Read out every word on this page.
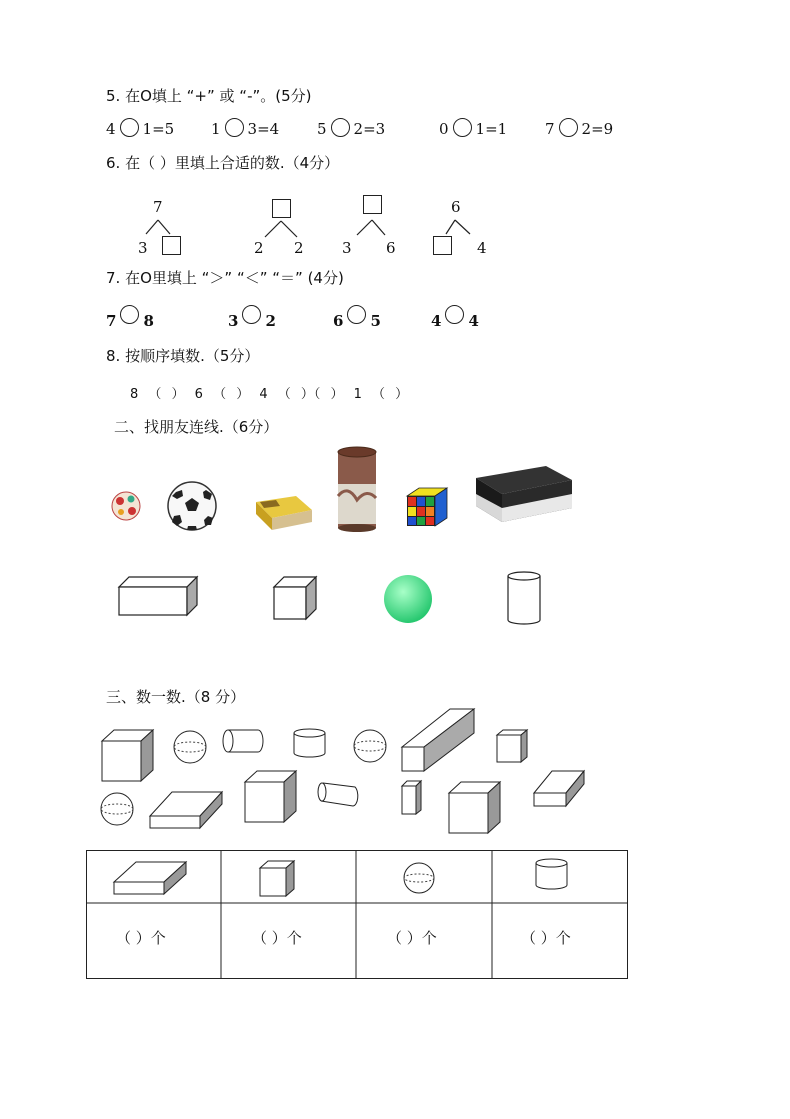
5. 在O填上 “+” 或 “-”。(5分)
4 1=5 1 3=4	5 2=3	0 1=1	7 2=9
6. 在（ ）里填上合适的数.（4分）
7
3	2 2	3 6
6
4
7. 在O里填上 “＞” “＜” “＝” (4分)
7 8	3 2	6 5	4 4
8. 按顺序填数.（5分）
8 （ ） 6 （ ） 4 （ ）（ ） 1 （ ）
二、找朋友连线.（6分）
三、数一数.（8 分）
（ ）个	（ ）个	（ ）个	（ ）个
